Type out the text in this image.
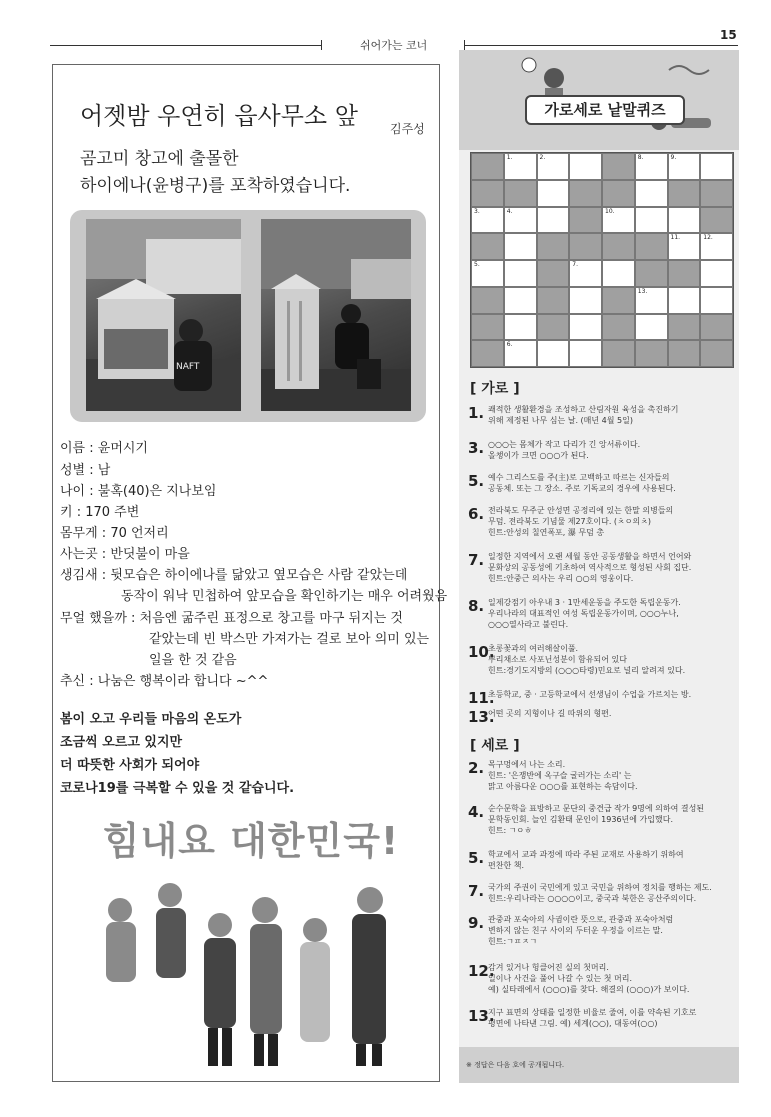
쉬어가는 코너
15
어젯밤 우연히 읍사무소 앞	김주성
곰고미 창고에 출몰한
하이에나(윤병구)를 포착하였습니다.
NAFT
이름 : 윤머시기
성별 : 남
나이 : 불혹(40)은 지나보임
키 : 170 주변
몸무게 : 70 언저리
사는곳 : 반딧불이 마을
생김새 : 뒷모습은 하이에나를 닮았고 옆모습은 사람 같았는데
동작이 워낙 민첩하여 앞모습을 확인하기는 매우 어려웠음
무얼 했을까 : 처음엔 굶주린 표정으로 창고를 마구 뒤지는 것
같았는데 빈 박스만 가져가는 걸로 보아 의미 있는
일을 한 것 같음
추신 : 나눔은 행복이라 합니다 ~^^
봄이 오고 우리들 마음의 온도가
조금씩 오르고 있지만
더 따뜻한 사회가 되어야
코로나19를 극복할 수 있을 것 같습니다.
힘내요 대한민국!
가로세로 낱말퀴즈
1.	2.	8.	9.
3.	4.	10.
11.	12.
5.	7.
13.
6.
[ 가로 ]
1. 쾌적한 생활환경을 조성하고 산림자원 육성을 촉진하기
위해 제정된 나무 심는 날. (매년 4월 5일)
3. ○○○는 몸체가 작고 다리가 긴 앙서류이다.
올챙이가 크면 ○○○가 된다.
5. 예수 그리스도를 주(主)로 고백하고 따르는 신자들의
공동체. 또는 그 장소. 주로 기독교의 경우에 사용된다.
6. 전라북도 무주군 안성면 공정리에 있는 한말 의병들의
무덤. 전라북도 기념물 제27호이다. (ㅊㅇ의ㅊ)
힌트:안성의 칠연폭포, 瀑 무덤 총
7. 일정한 지역에서 오랜 세월 동안 공동생활을 하면서 언어와
문화상의 공동성에 기초하여 역사적으로 형성된 사회 집단.
힌트:안중근 의사는 우리 ○○의 영웅이다.
8. 일제강점기 아우내 3 · 1만세운동을 주도한 독립운동가.
우리나라의 대표적인 여성 독립운동가이며, ○○○누나,
○○○열사라고 불린다.
10.
초롱꽃과의 여러해살이풀.
뿌리채소로 사포닌성분이 함유되어 있다
힌트:경기도지방의 (○○○타령)민요로 널리 알려져 있다.
11.
초등학교, 중 · 고등학교에서 선생님이 수업을 가르치는 방.
13.
어떤 곳의 지형이나 길 따위의 형편.
[ 세로 ]
2. 목구멍에서 나는 소리.
힌트: '은쟁반에 옥구슬 굴러가는 소리' 는
맑고 아름다운 ○○○를 표현하는 속담이다.
4. 순수문학을 표방하고 문단의 중견급 작가 9명에 의하여 결성된
문학동인회. 늘인 김환태 문인이 1936년에 가입했다.
힌트: ㄱㅇㅎ
5. 학교에서 교과 과정에 따라 주된 교재로 사용하기 위하여
편찬한 책.
7. 국가의 주권이 국민에게 있고 국민을 위하여 정치를 행하는 제도.
힌트:우리나라는 ○○○○이고, 중국과 북한은 공산주의이다.
9. 관중과 포숙아의 사귐이란 뜻으로, 관중과 포숙아처럼
변하지 않는 친구 사이의 두터운 우정을 이르는 말.
힌트:ㄱㅍㅈㄱ
12.
감겨 있거나 헝클어진 실의 첫머리.
일이나 사건을 풀어 나갈 수 있는 첫 머리.
예) 실타래에서 (○○○)를 찾다. 해결의 (○○○)가 보이다.
13.
지구 표면의 상태를 일정한 비율로 줄여, 이를 약속된 기호로
평면에 나타낸 그림. 예) 세계(○○), 대동여(○○)
※ 정답은 다음 호에 공개됩니다.
